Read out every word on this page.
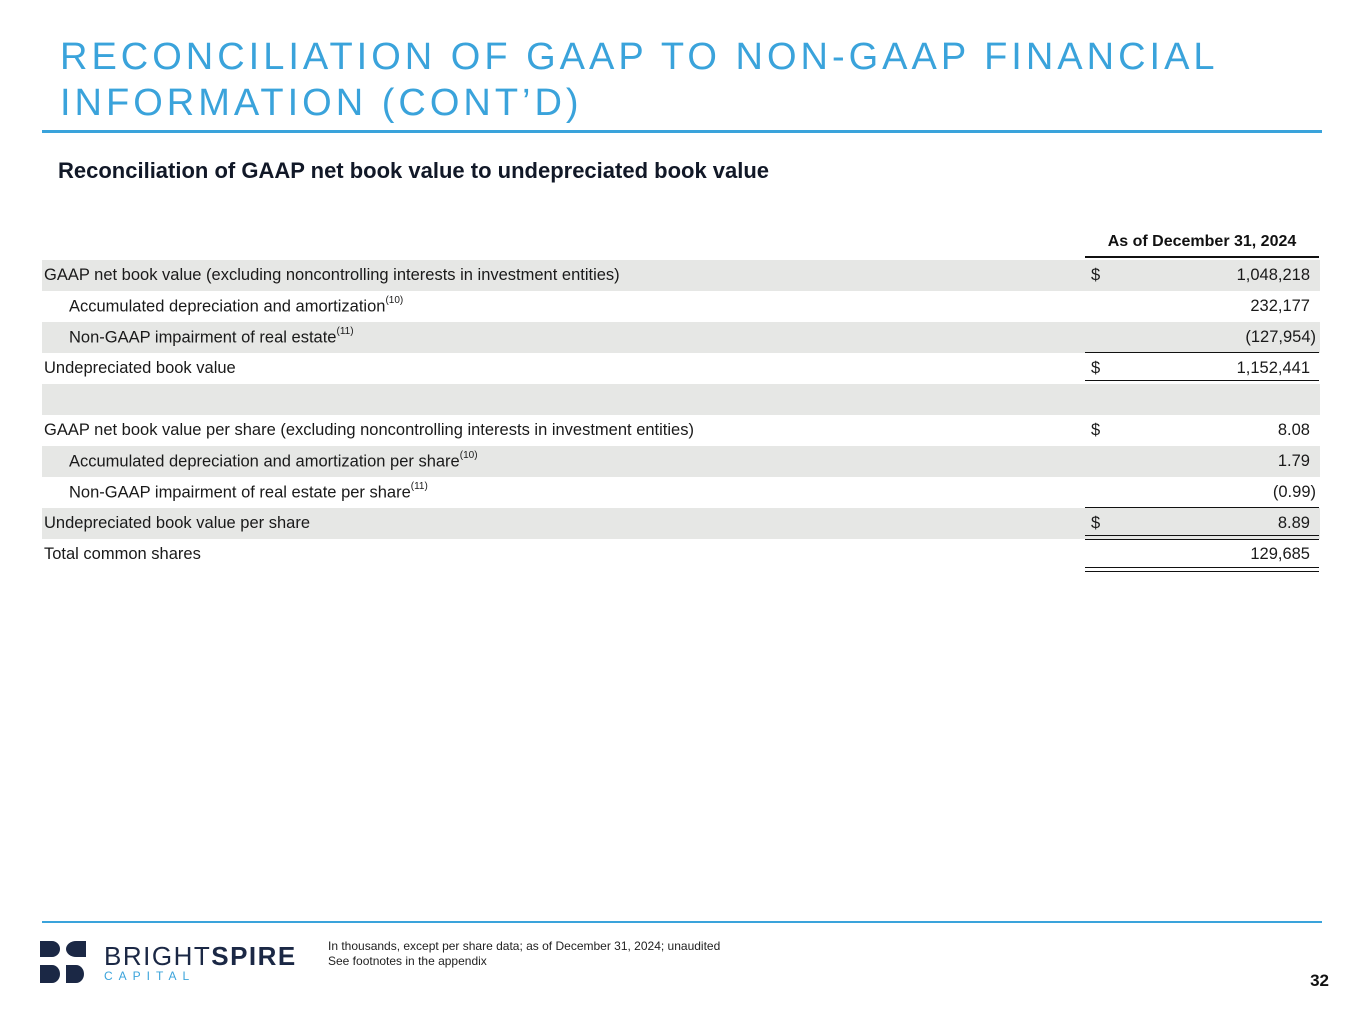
RECONCILIATION OF GAAP TO NON-GAAP FINANCIAL INFORMATION (CONT’D)
Reconciliation of GAAP net book value to undepreciated book value
As of December 31, 2024
GAAP net book value (excluding noncontrolling interests in investment entities)	$	1,048,218
Accumulated depreciation and amortization$^{(10)}$	232,177
Non-GAAP impairment of real estate$^{(11)}$	(127,954)
Undepreciated book value	$	1,152,441
GAAP net book value per share (excluding noncontrolling interests in investment entities)	$	8.08
Accumulated depreciation and amortization per share$^{(10)}$	1.79
Non-GAAP impairment of real estate per share$^{(11)}$	(0.99)
Undepreciated book value per share	$	8.89
Total common shares	129,685
BRIGHTSPIRE
CAPITAL
In thousands, except per share data; as of December 31, 2024; unaudited
See footnotes in the appendix
32
